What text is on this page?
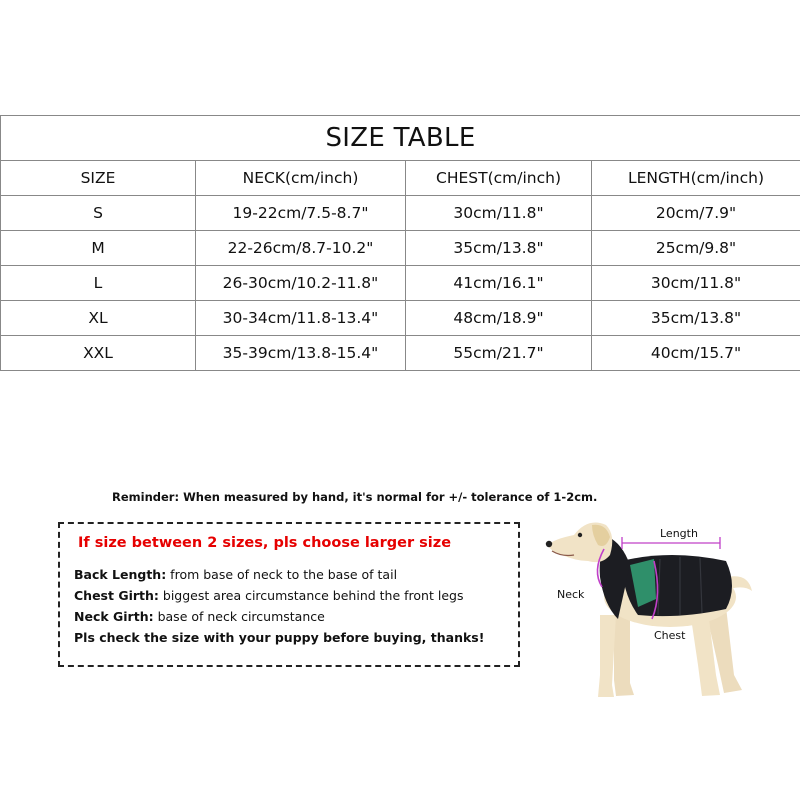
SIZE TABLE			
SIZE	NECK(cm/inch)	CHEST(cm/inch)	LENGTH(cm/inch)
S	19-22cm/7.5-8.7"	30cm/11.8"	20cm/7.9"
M	22-26cm/8.7-10.2"	35cm/13.8"	25cm/9.8"
L	26-30cm/10.2-11.8"	41cm/16.1"	30cm/11.8"
XL	30-34cm/11.8-13.4"	48cm/18.9"	35cm/13.8"
XXL	35-39cm/13.8-15.4"	55cm/21.7"	40cm/15.7"
Reminder: When measured by hand, it's normal for +/- tolerance of 1-2cm.
If size between 2 sizes, pls choose larger size
Back Length: from base of neck to the base of tail
Chest Girth: biggest area circumstance behind the front legs
Neck Girth: base of neck circumstance
Pls check the size with your puppy before buying, thanks!
Length
Neck
Chest
